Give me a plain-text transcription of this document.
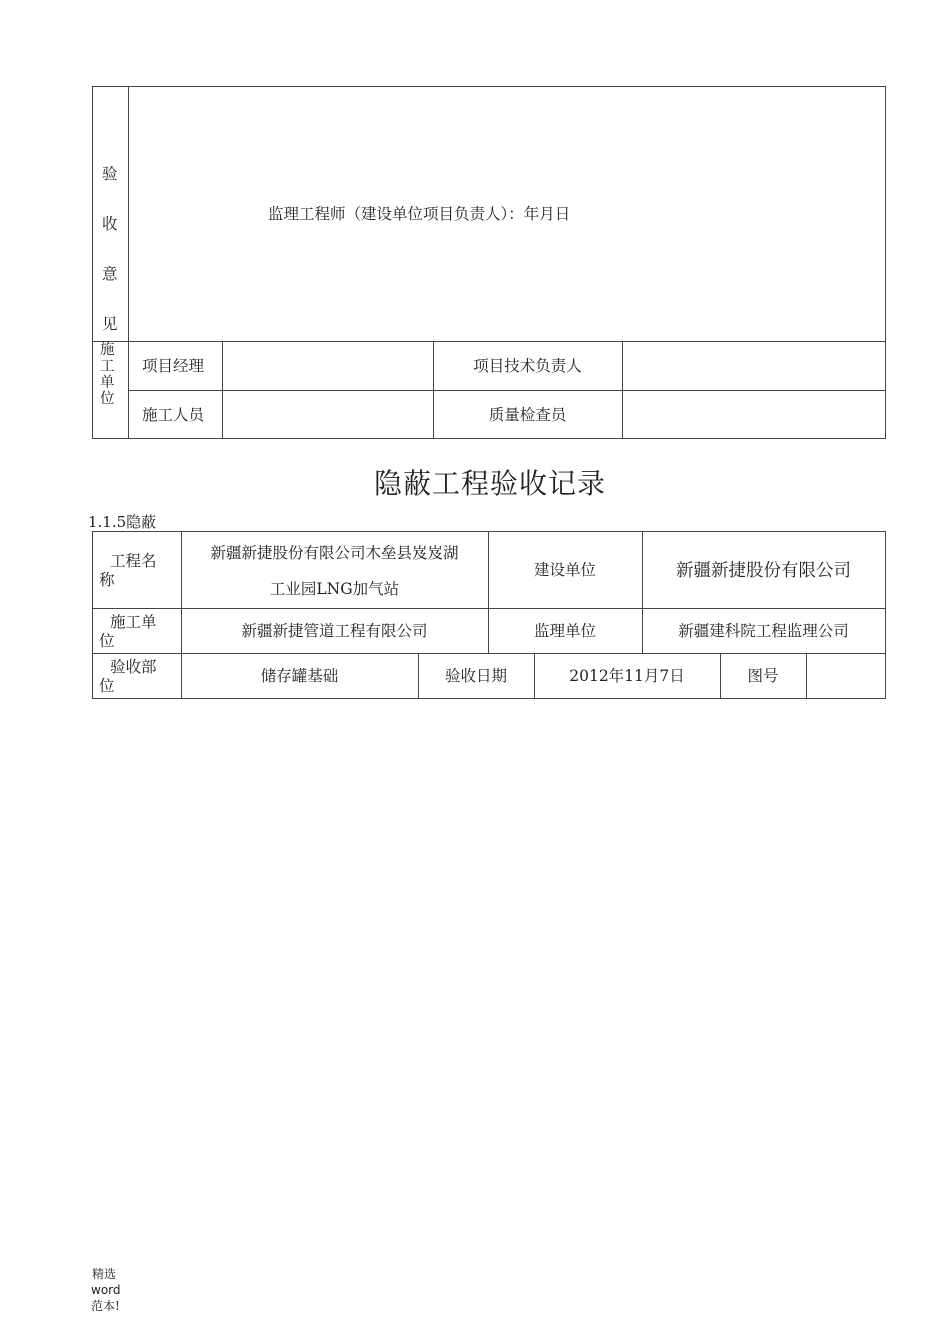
验
收
意
见
监理工程师（建设单位项目负责人）：年月日
施
工
单
位
项目经理	项目技术负责人
施工人员	质量检查员
隐蔽工程验收记录
1.1.5隐蔽
工程名
称
新疆新捷股份有限公司木垒县岌岌湖
工业园LNG加气站
建设单位	新疆新捷股份有限公司
施工单
位
新疆新捷管道工程有限公司	监理单位	新疆建科院工程监理公司
验收部
位
储存罐基础	验收日期	2012年11月7日	图号
精选
word
范本!
